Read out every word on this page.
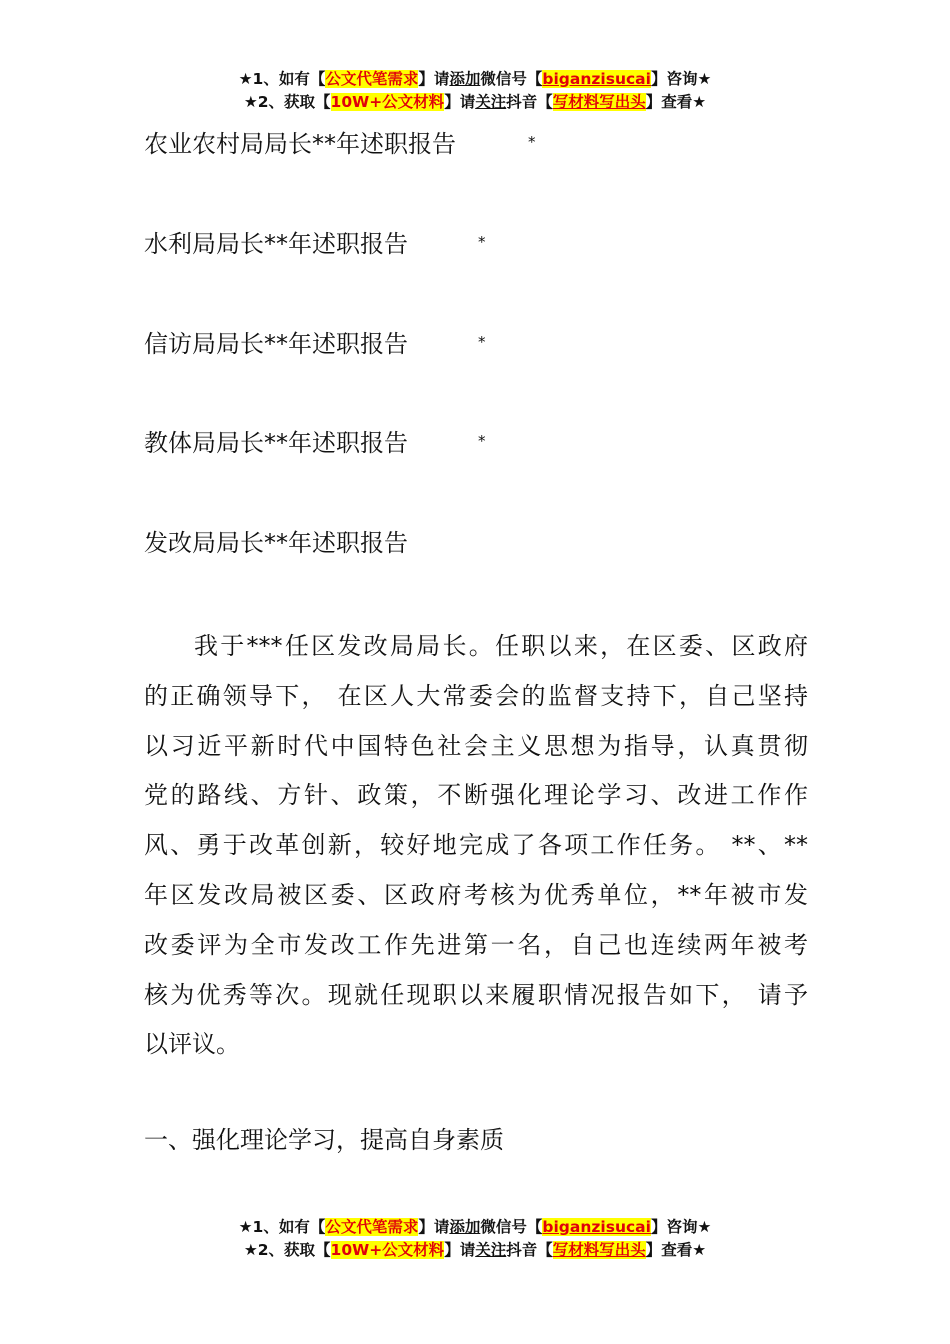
★1、如有【公文代笔需求】请添加微信号【biganzisucai】咨询★
★2、获取【10W+公文材料】请关注抖音【写材料写出头】查看★
农业农村局局长**年述职报告	*
水利局局长**年述职报告	*
信访局局长**年述职报告	*
教体局局长**年述职报告	*
发改局局长**年述职报告
我于***任区发改局局长。任职以来，在区委、区政府
的正确领导下， 在区人大常委会的监督支持下，自己坚持
以习近平新时代中国特色社会主义思想为指导，认真贯彻
党的路线、方针、政策，不断强化理论学习、改进工作作
风、勇于改革创新，较好地完成了各项工作任务。 **、**
年区发改局被区委、区政府考核为优秀单位，**年被市发
改委评为全市发改工作先进第一名，自己也连续两年被考
核为优秀等次。现就任现职以来履职情况报告如下， 请予
以评议。
一、强化理论学习，提高自身素质
★1、如有【公文代笔需求】请添加微信号【biganzisucai】咨询★
★2、获取【10W+公文材料】请关注抖音【写材料写出头】查看★
